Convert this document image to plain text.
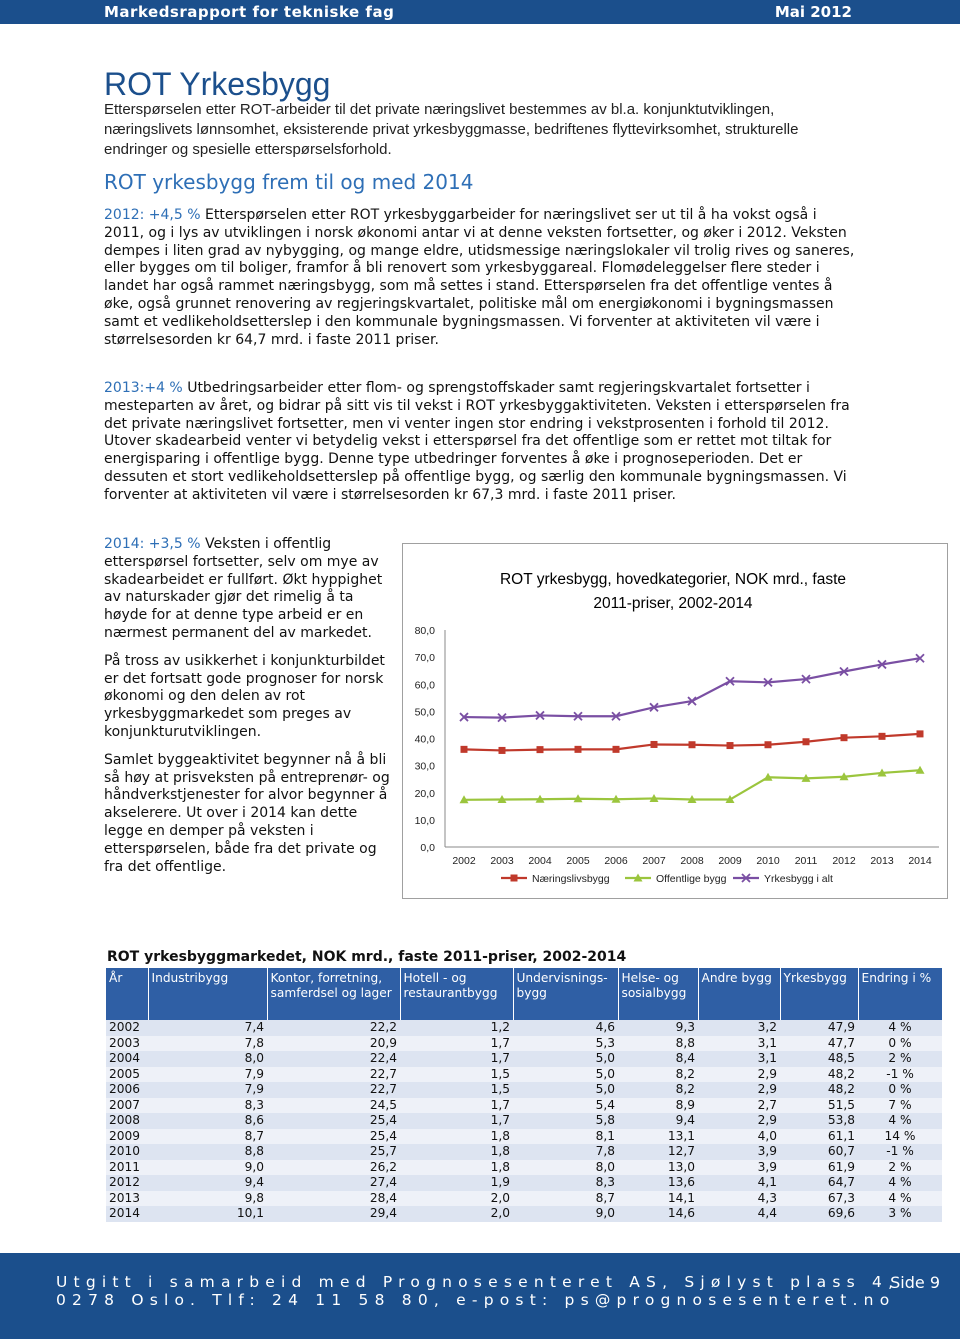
Markedsrapport for tekniske fag	Mai 2012
ROT Yrkesbygg
Etterspørselen etter ROT-arbeider til det private næringslivet bestemmes av bl.a. konjunktutviklingen, næringslivets lønnsomhet, eksisterende privat yrkesbyggmasse, bedriftenes flyttevirksomhet, strukturelle endringer og spesielle etterspørselsforhold.
ROT yrkesbygg frem til og med 2014
2012: +4,5 % Etterspørselen etter ROT yrkesbyggarbeider for næringslivet ser ut til å ha vokst også i 2011, og i lys av utviklingen i norsk økonomi antar vi at denne veksten fortsetter, og øker i 2012. Veksten dempes i liten grad av nybygging, og mange eldre, utidsmessige næringslokaler vil trolig rives og saneres, eller bygges om til boliger, framfor å bli renovert som yrkesbyggareal. Flomødeleggelser flere steder i landet har også rammet næringsbygg, som må settes i stand. Etterspørselen fra det offentlige ventes å øke, også grunnet renovering av regjeringskvartalet, politiske mål om energiøkonomi i bygningsmassen samt et vedlikeholdsetterslep i den kommunale bygningsmassen. Vi forventer at aktiviteten vil være i størrelsesorden kr 64,7 mrd. i faste 2011 priser.
2013:+4 % Utbedringsarbeider etter flom- og sprengstoffskader samt regjeringskvartalet fortsetter i mesteparten av året, og bidrar på sitt vis til vekst i ROT yrkesbyggaktiviteten. Veksten i etterspørselen fra det private næringslivet fortsetter, men vi venter ingen stor endring i vekstprosenten i forhold til 2012. Utover skadearbeid venter vi betydelig vekst i etterspørsel fra det offentlige som er rettet mot tiltak for energisparing i offentlige bygg. Denne type utbedringer forventes å øke i prognoseperioden. Det er dessuten et stort vedlikeholdsetterslep på offentlige bygg, og særlig den kommunale bygningsmassen. Vi forventer at aktiviteten vil være i størrelsesorden kr 67,3 mrd. i faste 2011 priser.

2014: +3,5 % Veksten i offentlig etterspørsel fortsetter, selv om mye av skadearbeidet er fullført. Økt hyppighet av naturskader gjør det rimelig å ta høyde for at denne type arbeid er en nærmest permanent del av markedet.

På tross av usikkerhet i konjunkturbildet er det fortsatt gode prognoser for norsk økonomi og den delen av rot yrkesbyggmarkedet som preges av konjunkturutviklingen.

Samlet byggeaktivitet begynner nå å bli så høy at prisveksten på entreprenør- og håndverkstjenester for alvor begynner å akselerere. Ut over i 2014 kan dette legge en demper på veksten i etterspørselen, både fra det private og fra det offentlige.

ROT yrkesbygg, hovedkategorier, NOK mrd., faste
2011-priser, 2002-2014
0,0
10,0
20,0
30,0
40,0
50,0
60,0
70,0
80,0
2002 2003 2004 2005 2006 2007 2008 2009 2010 2011 2012 2013 2014
Næringslivsbygg	Offentlige bygg	Yrkesbygg i alt
ROT yrkesbyggmarkedet, NOK mrd., faste 2011-priser, 2002-2014
År	Industribygg	Kontor, forretning, samferdsel og lager	Hotell - og restaurantbygg	Undervisnings-bygg	Helse- og sosialbygg	Andre bygg	Yrkesbygg	Endring i %
2002	7,4	22,2	1,2	4,6	9,3	3,2	47,9	4 %
2003	7,8	20,9	1,7	5,3	8,8	3,1	47,7	0 %
2004	8,0	22,4	1,7	5,0	8,4	3,1	48,5	2 %
2005	7,9	22,7	1,5	5,0	8,2	2,9	48,2	-1 %
2006	7,9	22,7	1,5	5,0	8,2	2,9	48,2	0 %
2007	8,3	24,5	1,7	5,4	8,9	2,7	51,5	7 %
2008	8,6	25,4	1,7	5,8	9,4	2,9	53,8	4 %
2009	8,7	25,4	1,8	8,1	13,1	4,0	61,1	14 %
2010	8,8	25,7	1,8	7,8	12,7	3,9	60,7	-1 %
2011	9,0	26,2	1,8	8,0	13,0	3,9	61,9	2 %
2012	9,4	27,4	1,9	8,3	13,6	4,1	64,7	4 %
2013	9,8	28,4	2,0	8,7	14,1	4,3	67,3	4 %
2014	10,1	29,4	2,0	9,0	14,6	4,4	69,6	3 %
Utgitt i samarbeid med Prognosesenteret AS, Sjølyst plass 4,
0278 Oslo. Tlf: 24 11 58 80, e-post: ps@prognosesenteret.no
Side 9
